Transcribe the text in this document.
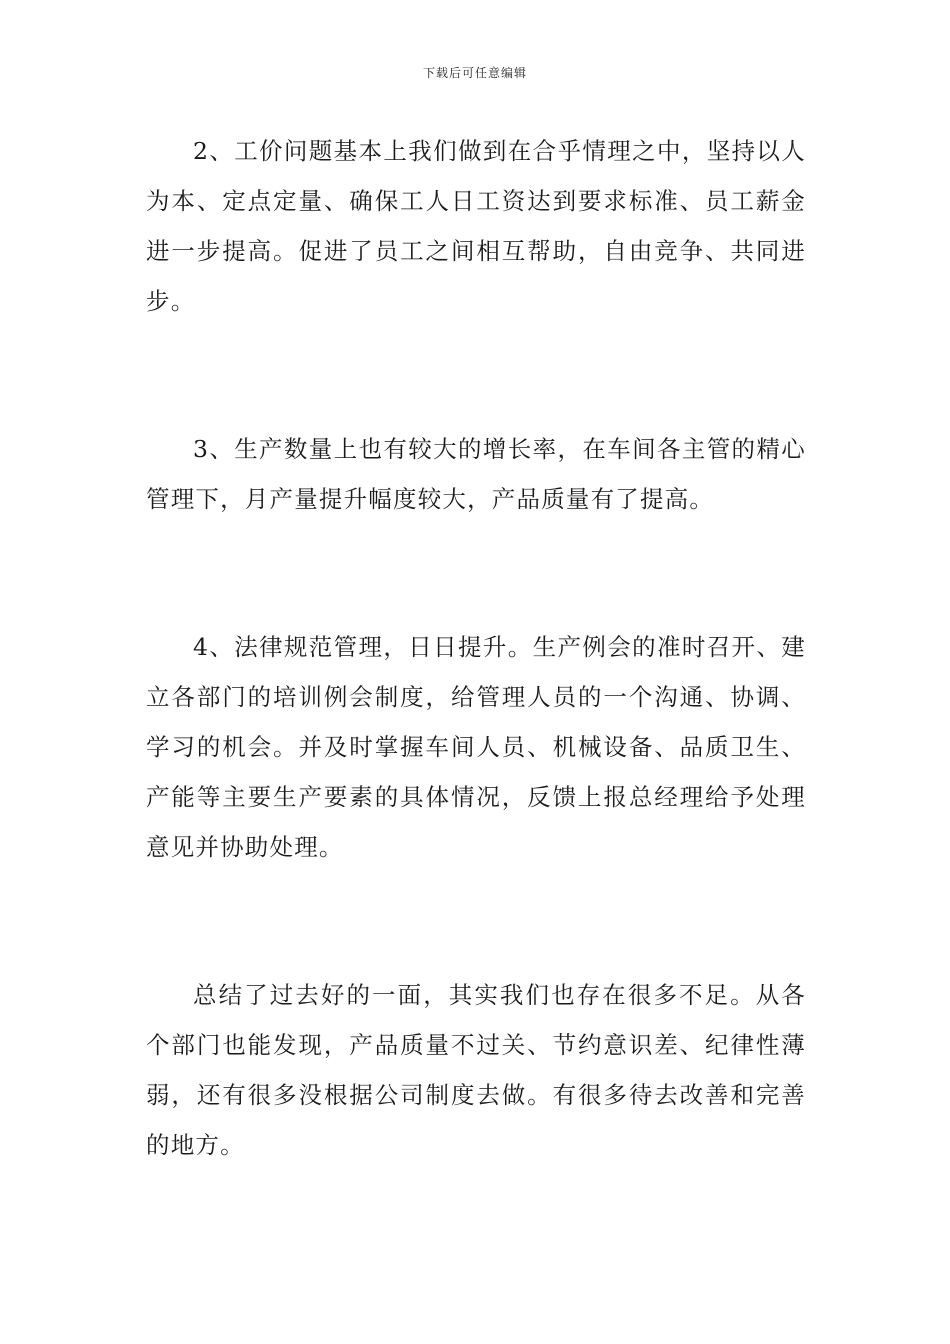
下载后可任意编辑

2、工价问题基本上我们做到在合乎情理之中，坚持以人为本、定点定量、确保工人日工资达到要求标准、员工薪金进一步提高。促进了员工之间相互帮助，自由竞争、共同进步。

3、生产数量上也有较大的增长率，在车间各主管的精心管理下，月产量提升幅度较大，产品质量有了提高。

4、法律规范管理，日日提升。生产例会的准时召开、建立各部门的培训例会制度，给管理人员的一个沟通、协调、学习的机会。并及时掌握车间人员、机械设备、品质卫生、产能等主要生产要素的具体情况，反馈上报总经理给予处理意见并协助处理。

总结了过去好的一面，其实我们也存在很多不足。从各个部门也能发现，产品质量不过关、节约意识差、纪律性薄弱，还有很多没根据公司制度去做。有很多待去改善和完善的地方。
